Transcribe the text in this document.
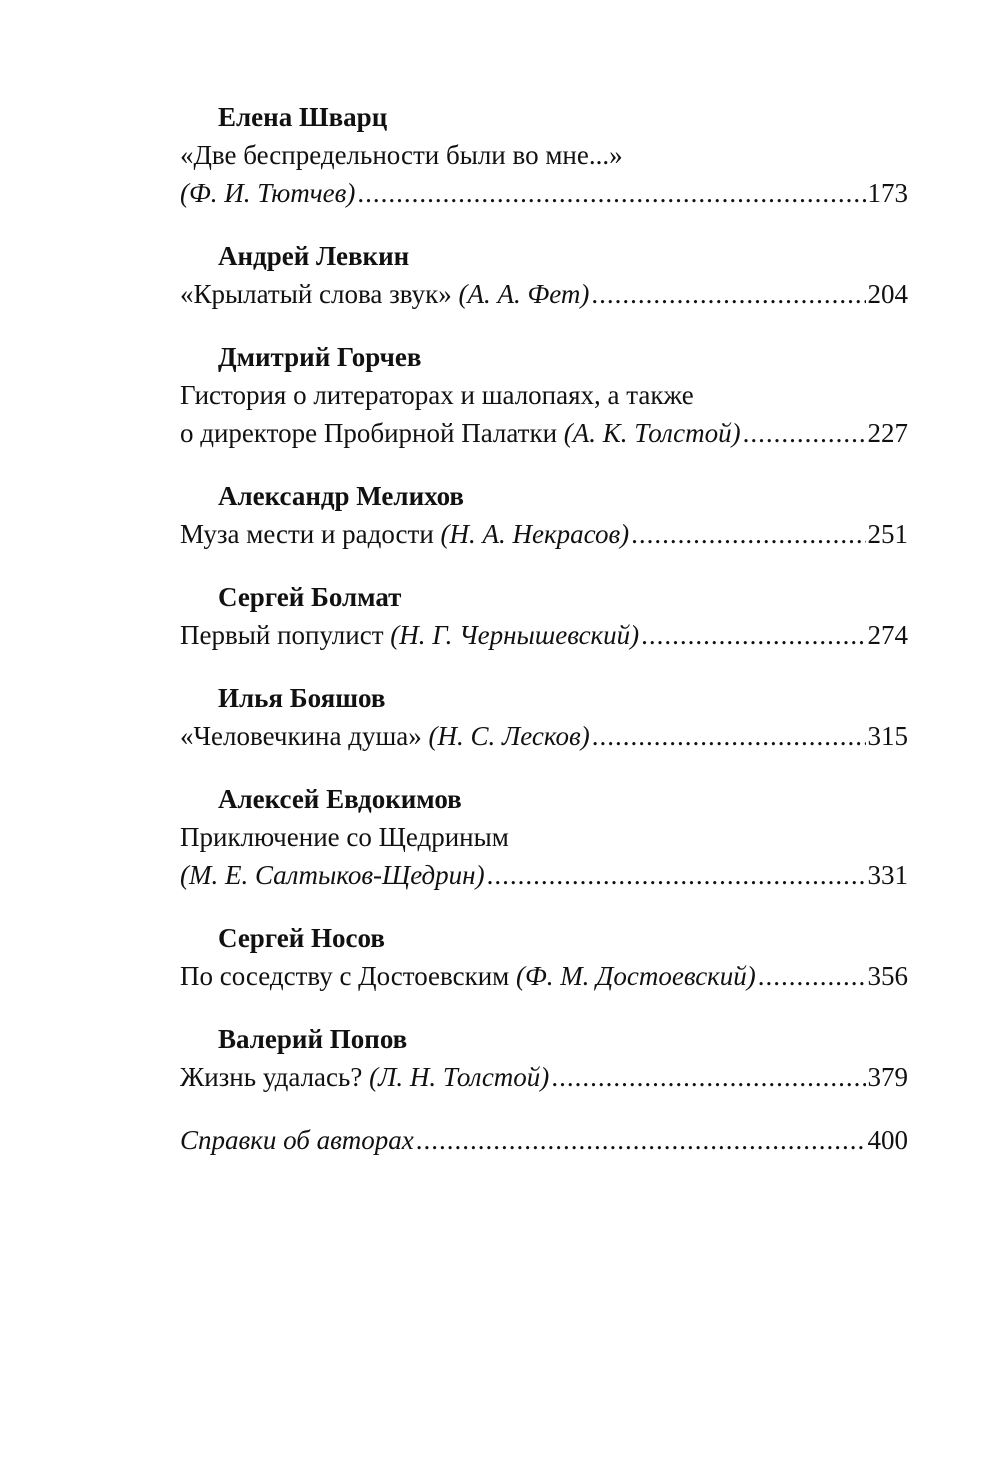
Елена Шварц
«Две беспредельности были во мне...»
(Ф. И. Тютчев) .....	173
Андрей Левкин
«Крылатый слова звук» (А. А. Фет) .....	204
Дмитрий Горчев
Гистория о литераторах и шалопаях, а также
о директоре Пробирной Палатки (А. К. Толстой) .....	227
Александр Мелихов
Муза мести и радости (Н. А. Некрасов) .....	251
Сергей Болмат
Первый популист (Н. Г. Чернышевский) .....	274
Илья Бояшов
«Человечкина душа» (Н. С. Лесков) .....	315
Алексей Евдокимов
Приключение со Щедриным
(М. Е. Салтыков-Щедрин) .....	331
Сергей Носов
По соседству с Достоевским (Ф. М. Достоевский) .....	356
Валерий Попов
Жизнь удалась? (Л. Н. Толстой) .....	379
Справки об авторах .....	400
